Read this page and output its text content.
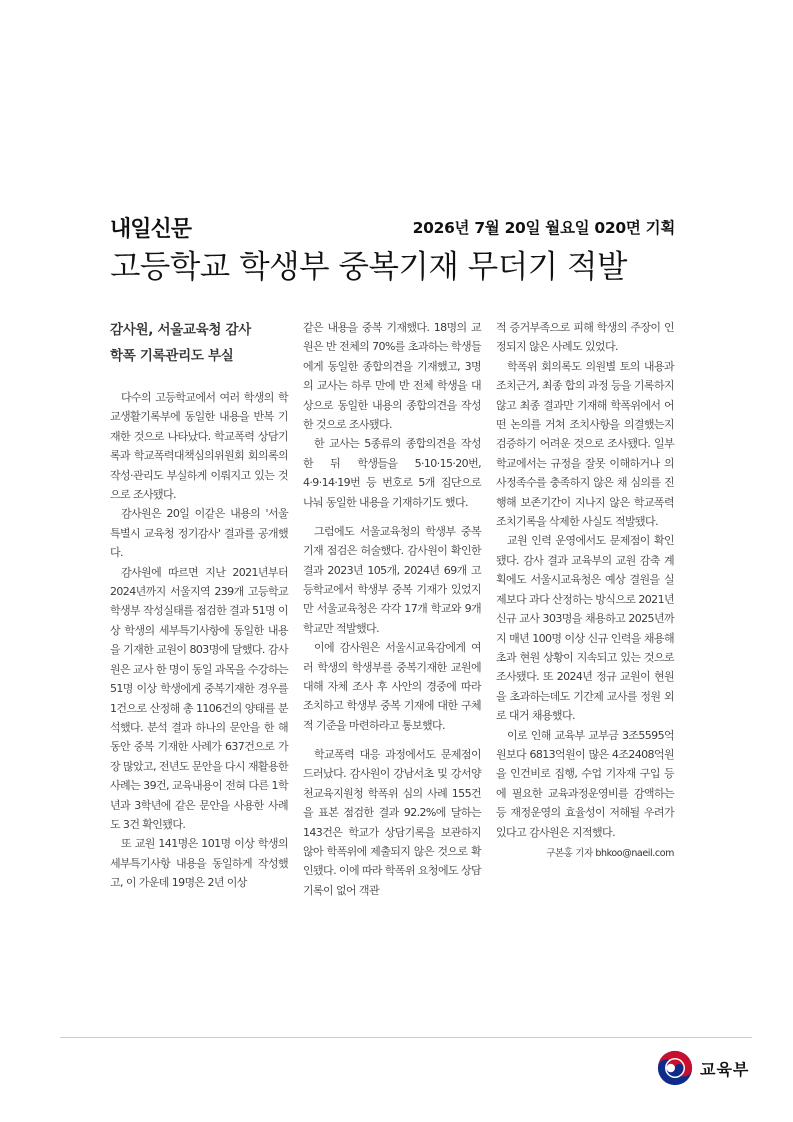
내일신문	2026년 7월 20일 월요일 020면 기획
고등학교 학생부 중복기재 무더기 적발
감사원, 서울교육청 감사
학폭 기록관리도 부실

다수의 고등학교에서 여러 학생의 학교생활기록부에 동일한 내용을 반복 기재한 것으로 나타났다. 학교폭력 상담기록과 학교폭력대책심의위원회 회의록의 작성·관리도 부실하게 이뤄지고 있는 것으로 조사됐다.

감사원은 20일 이같은 내용의 '서울특별시 교육청 정기감사' 결과를 공개했다.

감사원에 따르면 지난 2021년부터 2024년까지 서울지역 239개 고등학교 학생부 작성실태를 점검한 결과 51명 이상 학생의 세부특기사항에 동일한 내용을 기재한 교원이 803명에 달했다. 감사원은 교사 한 명이 동일 과목을 수강하는 51명 이상 학생에게 중복기재한 경우를 1건으로 산정해 총 1106건의 양태를 분석했다. 분석 결과 하나의 문안을 한 해 동안 중복 기재한 사례가 637건으로 가장 많았고, 전년도 문안을 다시 재활용한 사례는 39건, 교육내용이 전혀 다른 1학년과 3학년에 같은 문안을 사용한 사례도 3건 확인됐다.

또 교원 141명은 101명 이상 학생의 세부특기사항 내용을 동일하게 작성했고, 이 가운데 19명은 2년 이상

같은 내용을 중복 기재했다. 18명의 교원은 반 전체의 70%를 초과하는 학생들에게 동일한 종합의견을 기재했고, 3명의 교사는 하루 만에 반 전체 학생을 대상으로 동일한 내용의 종합의견을 작성한 것으로 조사됐다.

한 교사는 5종류의 종합의견을 작성한 뒤 학생들을 5·10·15·20번, 4·9·14·19번 등 번호로 5개 집단으로 나눠 동일한 내용을 기재하기도 했다.

그럼에도 서울교육청의 학생부 중복기재 점검은 허술했다. 감사원이 확인한 결과 2023년 105개, 2024년 69개 고등학교에서 학생부 중복 기재가 있었지만 서울교육청은 각각 17개 학교와 9개 학교만 적발했다.

이에 감사원은 서울시교육감에게 여러 학생의 학생부를 중복기재한 교원에 대해 자체 조사 후 사안의 경중에 따라 조치하고 학생부 중복 기재에 대한 구체적 기준을 마련하라고 통보했다.

학교폭력 대응 과정에서도 문제점이 드러났다. 감사원이 강남서초 및 강서양천교육지원청 학폭위 심의 사례 155건을 표본 점검한 결과 92.2%에 달하는 143건은 학교가 상담기록을 보관하지 않아 학폭위에 제출되지 않은 것으로 확인됐다. 이에 따라 학폭위 요청에도 상담기록이 없어 객관

적 증거부족으로 피해 학생의 주장이 인정되지 않은 사례도 있었다.

학폭위 회의록도 의원별 토의 내용과 조치근거, 최종 합의 과정 등을 기록하지 않고 최종 결과만 기재해 학폭위에서 어떤 논의를 거쳐 조치사항을 의결했는지 검증하기 어려운 것으로 조사됐다. 일부 학교에서는 규정을 잘못 이해하거나 의사정족수를 충족하지 않은 채 심의를 진행해 보존기간이 지나지 않은 학교폭력 조치기록을 삭제한 사실도 적발됐다.

교원 인력 운영에서도 문제점이 확인됐다. 감사 결과 교육부의 교원 감축 계획에도 서울시교육청은 예상 결원을 실제보다 과다 산정하는 방식으로 2021년 신규 교사 303명을 채용하고 2025년까지 매년 100명 이상 신규 인력을 채용해 초과 현원 상황이 지속되고 있는 것으로 조사됐다. 또 2024년 정규 교원이 현원을 초과하는데도 기간제 교사를 정원 외로 대거 채용했다.

이로 인해 교육부 교부금 3조5595억원보다 6813억원이 많은 4조2408억원을 인건비로 집행, 수업 기자재 구입 등에 필요한 교육과정운영비를 감액하는 등 재정운영의 효율성이 저해될 우려가 있다고 감사원은 지적했다.

구본홍 기자 bhkoo@naeil.com
교육부
